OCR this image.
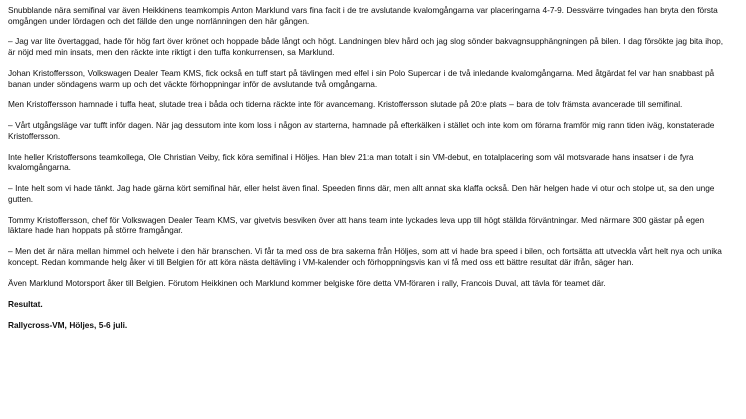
Snubblande nära semifinal var även Heikkinens teamkompis Anton Marklund vars fina facit i de tre avslutande kvalomgångarna var placeringarna 4-7-9. Dessvärre tvingades han bryta den första omgången under lördagen och det fällde den unge norrlänningen den här gången.

– Jag var lite övertaggad, hade för hög fart över krönet och hoppade både långt och högt. Landningen blev hård och jag slog sönder bakvagnsupphängningen på bilen. I dag försökte jag bita ihop, är nöjd med min insats, men den räckte inte riktigt i den tuffa konkurrensen, sa Marklund.

Johan Kristoffersson, Volkswagen Dealer Team KMS, fick också en tuff start på tävlingen med elfel i sin Polo Supercar i de två inledande kvalomgångarna. Med åtgärdat fel var han snabbast på banan under söndagens warm up och det väckte förhoppningar inför de avslutande två omgångarna.

Men Kristoffersson hamnade i tuffa heat, slutade trea i båda och tiderna räckte inte för avancemang. Kristoffersson slutade på 20:e plats – bara de tolv främsta avancerade till semifinal.

– Vårt utgångsläge var tufft inför dagen. När jag dessutom inte kom loss i någon av starterna, hamnade på efterkälken i stället och inte kom om förarna framför mig rann tiden iväg, konstaterade Kristoffersson.

Inte heller Kristoffersons teamkollega, Ole Christian Veiby, fick köra semifinal i Höljes. Han blev 21:a man totalt i sin VM-debut, en totalplacering som väl motsvarade hans insatser i de fyra kvalomgångarna.

– Inte helt som vi hade tänkt. Jag hade gärna kört semifinal här, eller helst även final. Speeden finns där, men allt annat ska klaffa också. Den här helgen hade vi otur och stolpe ut, sa den unge gutten.

Tommy Kristoffersson, chef för Volkswagen Dealer Team KMS, var givetvis besviken över att hans team inte lyckades leva upp till högt ställda förväntningar. Med närmare 300 gästar på egen läktare hade han hoppats på större framgångar.

– Men det är nära mellan himmel och helvete i den här branschen. Vi får ta med oss de bra sakerna från Höljes, som att vi hade bra speed i bilen, och fortsätta att utveckla vårt helt nya och unika koncept. Redan kommande helg åker vi till Belgien för att köra nästa deltävling i VM-kalender och förhoppningsvis kan vi få med oss ett bättre resultat där ifrån, säger han.

Även Marklund Motorsport åker till Belgien. Förutom Heikkinen och Marklund kommer belgiske före detta VM-föraren i rally, Francois Duval, att tävla för teamet där.

Resultat.

Rallycross-VM, Höljes, 5-6 juli.
